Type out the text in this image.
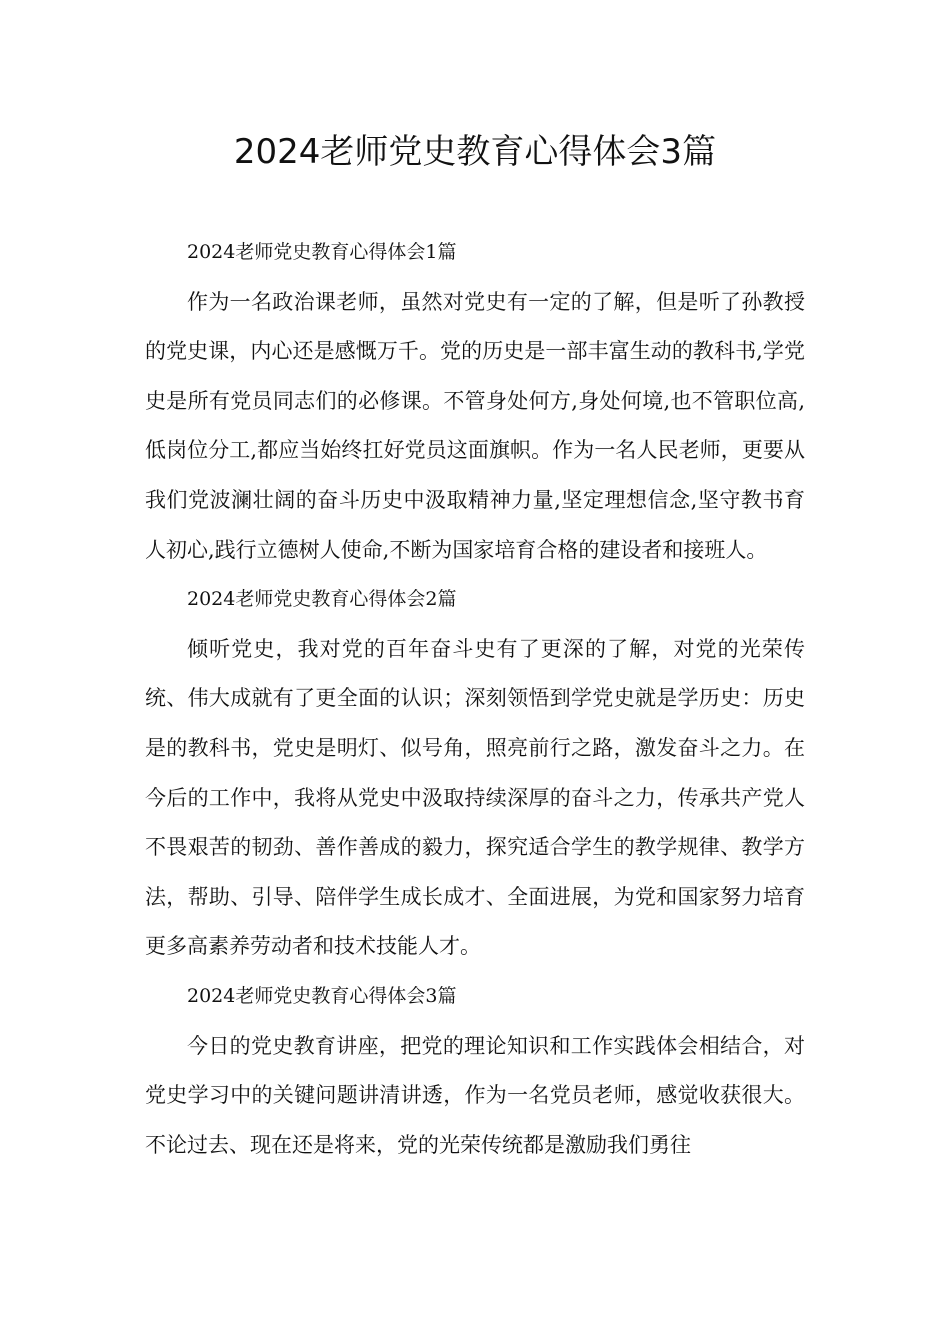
2024老师党史教育心得体会3篇

2024老师党史教育心得体会1篇

作为一名政治课老师，虽然对党史有一定的了解，但是听了孙教授的党史课，内心还是感慨万千。党的历史是一部丰富生动的教科书,学党史是所有党员同志们的必修课。不管身处何方,身处何境,也不管职位高,低岗位分工,都应当始终扛好党员这面旗帜。作为一名人民老师，更要从我们党波澜壮阔的奋斗历史中汲取精神力量,坚定理想信念,坚守教书育人初心,践行立德树人使命,不断为国家培育合格的建设者和接班人。

2024老师党史教育心得体会2篇

倾听党史，我对党的百年奋斗史有了更深的了解，对党的光荣传统、伟大成就有了更全面的认识；深刻领悟到学党史就是学历史：历史是的教科书，党史是明灯、似号角，照亮前行之路，激发奋斗之力。在今后的工作中，我将从党史中汲取持续深厚的奋斗之力，传承共产党人不畏艰苦的韧劲、善作善成的毅力，探究适合学生的教学规律、教学方法，帮助、引导、陪伴学生成长成才、全面进展，为党和国家努力培育更多高素养劳动者和技术技能人才。

2024老师党史教育心得体会3篇

今日的党史教育讲座，把党的理论知识和工作实践体会相结合，对党史学习中的关键问题讲清讲透，作为一名党员老师，感觉收获很大。不论过去、现在还是将来，党的光荣传统都是激励我们勇往
